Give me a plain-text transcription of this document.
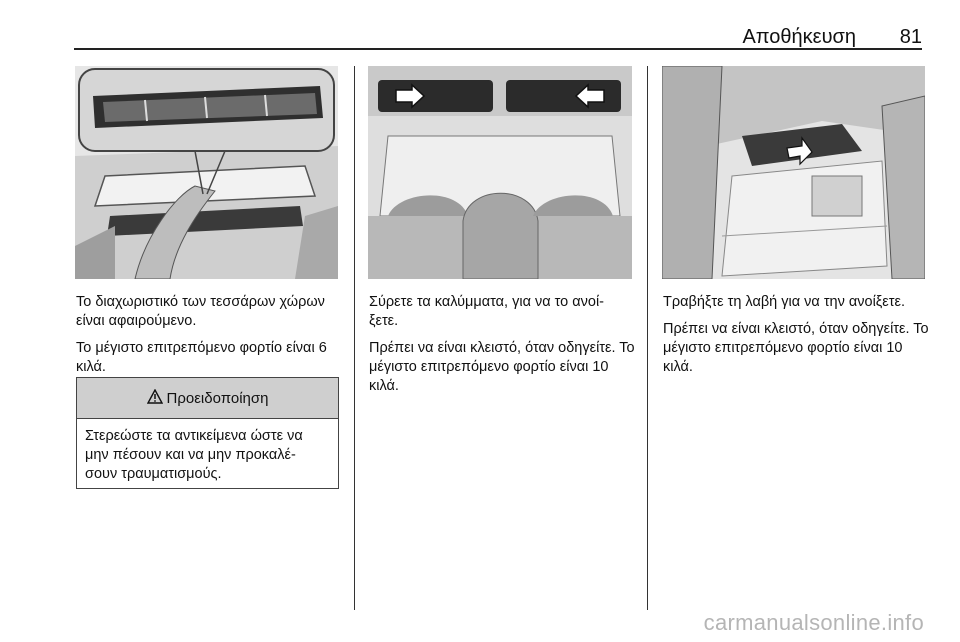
Αποθήκευση 81

Το διαχωριστικό των τεσσάρων χώρων είναι αφαιρούμενο.

Το μέγιστο επιτρεπόμενο φορτίο είναι 6 κιλά.

Προειδοποίηση
Στερεώστε τα αντικείμενα ώστε να μην πέσουν και να μην προκαλέ- σουν τραυματισμούς.

Σύρετε τα καλύμματα, για να το ανοί- ξετε.

Πρέπει να είναι κλειστό, όταν οδηγείτε. Το μέγιστο επιτρεπόμενο φορτίο είναι 10 κιλά.

Τραβήξτε τη λαβή για να την ανοίξετε.

Πρέπει να είναι κλειστό, όταν οδηγείτε. Το μέγιστο επιτρεπόμενο φορτίο είναι 10 κιλά.

carmanualsonline.info
